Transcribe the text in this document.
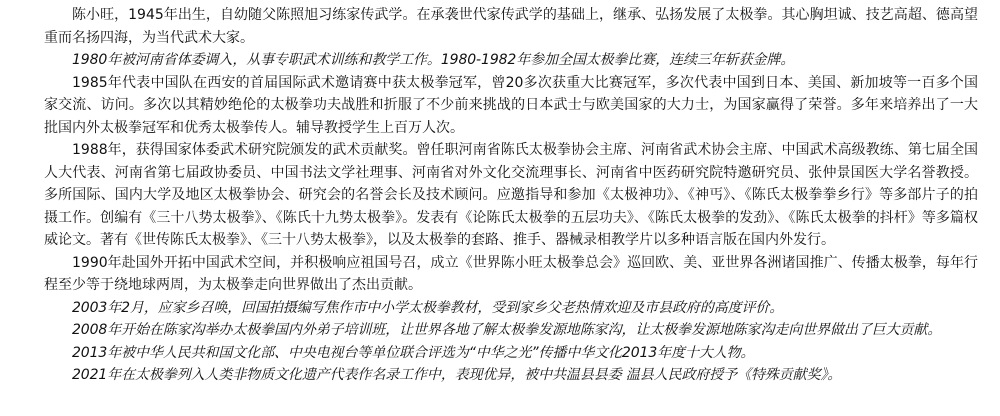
陈小旺，1945年出生，自幼随父陈照旭习练家传武学。在承袭世代家传武学的基础上，继承、弘扬发展了太极拳。其心胸坦诚、技艺高超、德高望重而名扬四海，为当代武术大家。

1980年被河南省体委调入，从事专职武术训练和教学工作。1980-1982年参加全国太极拳比赛，连续三年斩获金牌。

1985年代表中国队在西安的首届国际武术邀请赛中获太极拳冠军，曾20多次获重大比赛冠军，多次代表中国到日本、美国、新加坡等一百多个国家交流、访问。多次以其精妙绝伦的太极拳功夫战胜和折服了不少前来挑战的日本武士与欧美国家的大力士，为国家赢得了荣誉。多年来培养出了一大批国内外太极拳冠军和优秀太极拳传人。辅导教授学生上百万人次。

1988年，获得国家体委武术研究院颁发的武术贡献奖。曾任职河南省陈氏太极拳协会主席、河南省武术协会主席、中国武术高级教练、第七届全国人大代表、河南省第七届政协委员、中国书法文学社理事、河南省对外文化交流理事长、河南省中医药研究院特邀研究员、张仲景国医大学名誉教授。多所国际、国内大学及地区太极拳协会、研究会的名誉会长及技术顾问。应邀指导和参加《太极神功》、《神丐》、《陈氏太极拳拳乡行》等多部片子的拍摄工作。创编有《三十八势太极拳》、《陈氏十九势太极拳》。发表有《论陈氏太极拳的五层功夫》、《陈氏太极拳的发劲》、《陈氏太极拳的抖杆》等多篇权威论文。著有《世传陈氏太极拳》、《三十八势太极拳》，以及太极拳的套路、推手、器械录相教学片以多种语言版在国内外发行。

1990年赴国外开拓中国武术空间，并积极响应祖国号召，成立《世界陈小旺太极拳总会》巡回欧、美、亚世界各洲诸国推广、传播太极拳，每年行程至少等于绕地球两周，为太极拳走向世界做出了杰出贡献。

2003年2月，应家乡召唤，回国拍摄编写焦作市中小学太极拳教材，受到家乡父老热情欢迎及市县政府的高度评价。

2008年开始在陈家沟举办太极拳国内外弟子培训班，让世界各地了解太极拳发源地陈家沟，让太极拳发源地陈家沟走向世界做出了巨大贡献。

2013年被中华人民共和国文化部、中央电视台等单位联合评选为“中华之光”传播中华文化2013年度十大人物。

2021年在太极拳列入人类非物质文化遗产代表作名录工作中，表现优异，被中共温县县委 温县人民政府授予《特殊贡献奖》。
